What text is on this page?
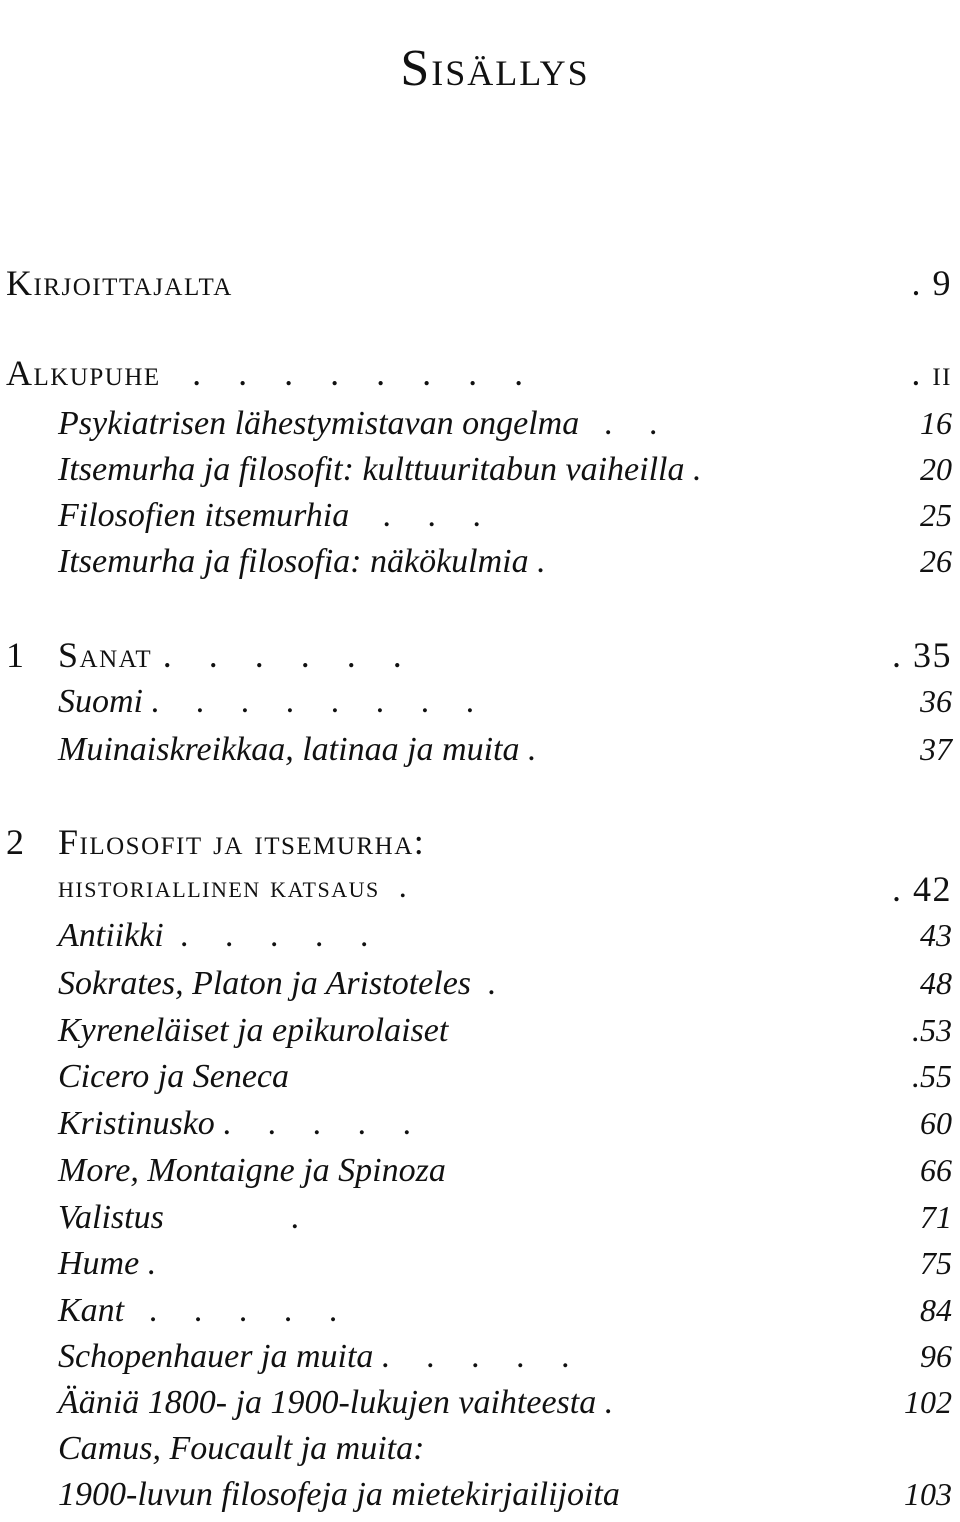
Sisällys
Kirjoittajalta	. 9
Alkupuhe . . . . . . . .	. ii
Psykiatrisen lähestymistavan ongelma . .	16
Itsemurha ja filosofit: kulttuuritabun vaiheilla .	20
Filosofien itsemurhia . . .	25
Itsemurha ja filosofia: näkökulmia .	26
1 Sanat . . . . . .	. 35
Suomi . . . . . . . .	36
Muinaiskreikkaa, latinaa ja muita .	37
2 Filosofit ja itsemurha:
historiallinen katsaus .	. 42
Antiikki . . . . .	43
Sokrates, Platon ja Aristoteles .	48
Kyreneläiset ja epikurolaiset	.53
Cicero ja Seneca	.55
Kristinusko . . . . .	60
More, Montaigne ja Spinoza	66
Valistus	.	71
Hume .	75
Kant . . . . .	84
Schopenhauer ja muita . . . . .	96
Ääniä 1800- ja 1900-lukujen vaihteesta .	102
Camus, Foucault ja muita:
1900-luvun filosofeja ja mietekirjailijoita	103
